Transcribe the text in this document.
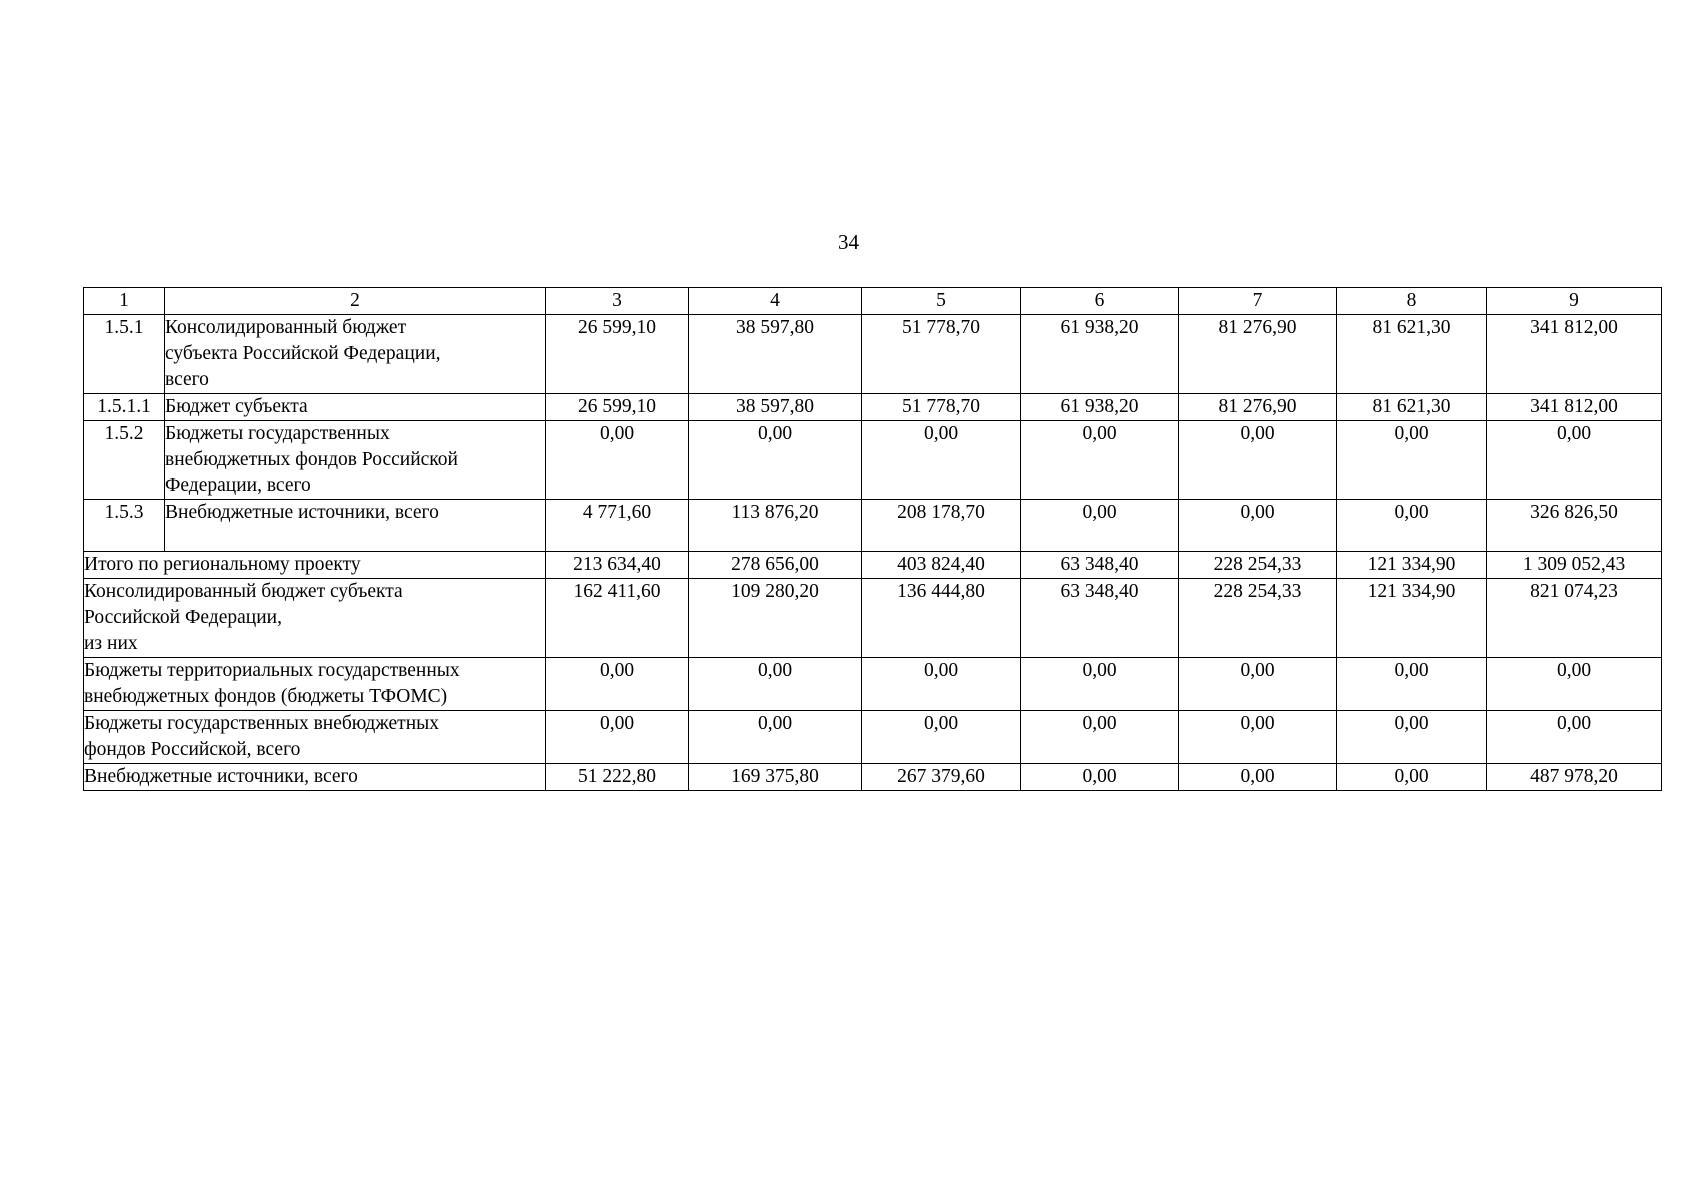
34
1	2	3	4	5	6	7	8	9
1.5.1	Консолидированный бюджет
субъекта Российской Федерации,
всего	26 599,10	38 597,80	51 778,70	61 938,20	81 276,90	81 621,30	341 812,00
1.5.1.1	Бюджет субъекта	26 599,10	38 597,80	51 778,70	61 938,20	81 276,90	81 621,30	341 812,00
1.5.2	Бюджеты государственных
внебюджетных фондов Российской
Федерации, всего	0,00	0,00	0,00	0,00	0,00	0,00	0,00
1.5.3	Внебюджетные источники, всего	4 771,60	113 876,20	208 178,70	0,00	0,00	0,00	326 826,50
Итого по региональному проекту		213 634,40	278 656,00	403 824,40	63 348,40	228 254,33	121 334,90	1 309 052,43
Консолидированный бюджет субъекта
Российской Федерации,
из них		162 411,60	109 280,20	136 444,80	63 348,40	228 254,33	121 334,90	821 074,23
Бюджеты территориальных государственных
внебюджетных фондов (бюджеты ТФОМС)		0,00	0,00	0,00	0,00	0,00	0,00	0,00
Бюджеты государственных внебюджетных
фондов Российской, всего		0,00	0,00	0,00	0,00	0,00	0,00	0,00
Внебюджетные источники, всего		51 222,80	169 375,80	267 379,60	0,00	0,00	0,00	487 978,20
